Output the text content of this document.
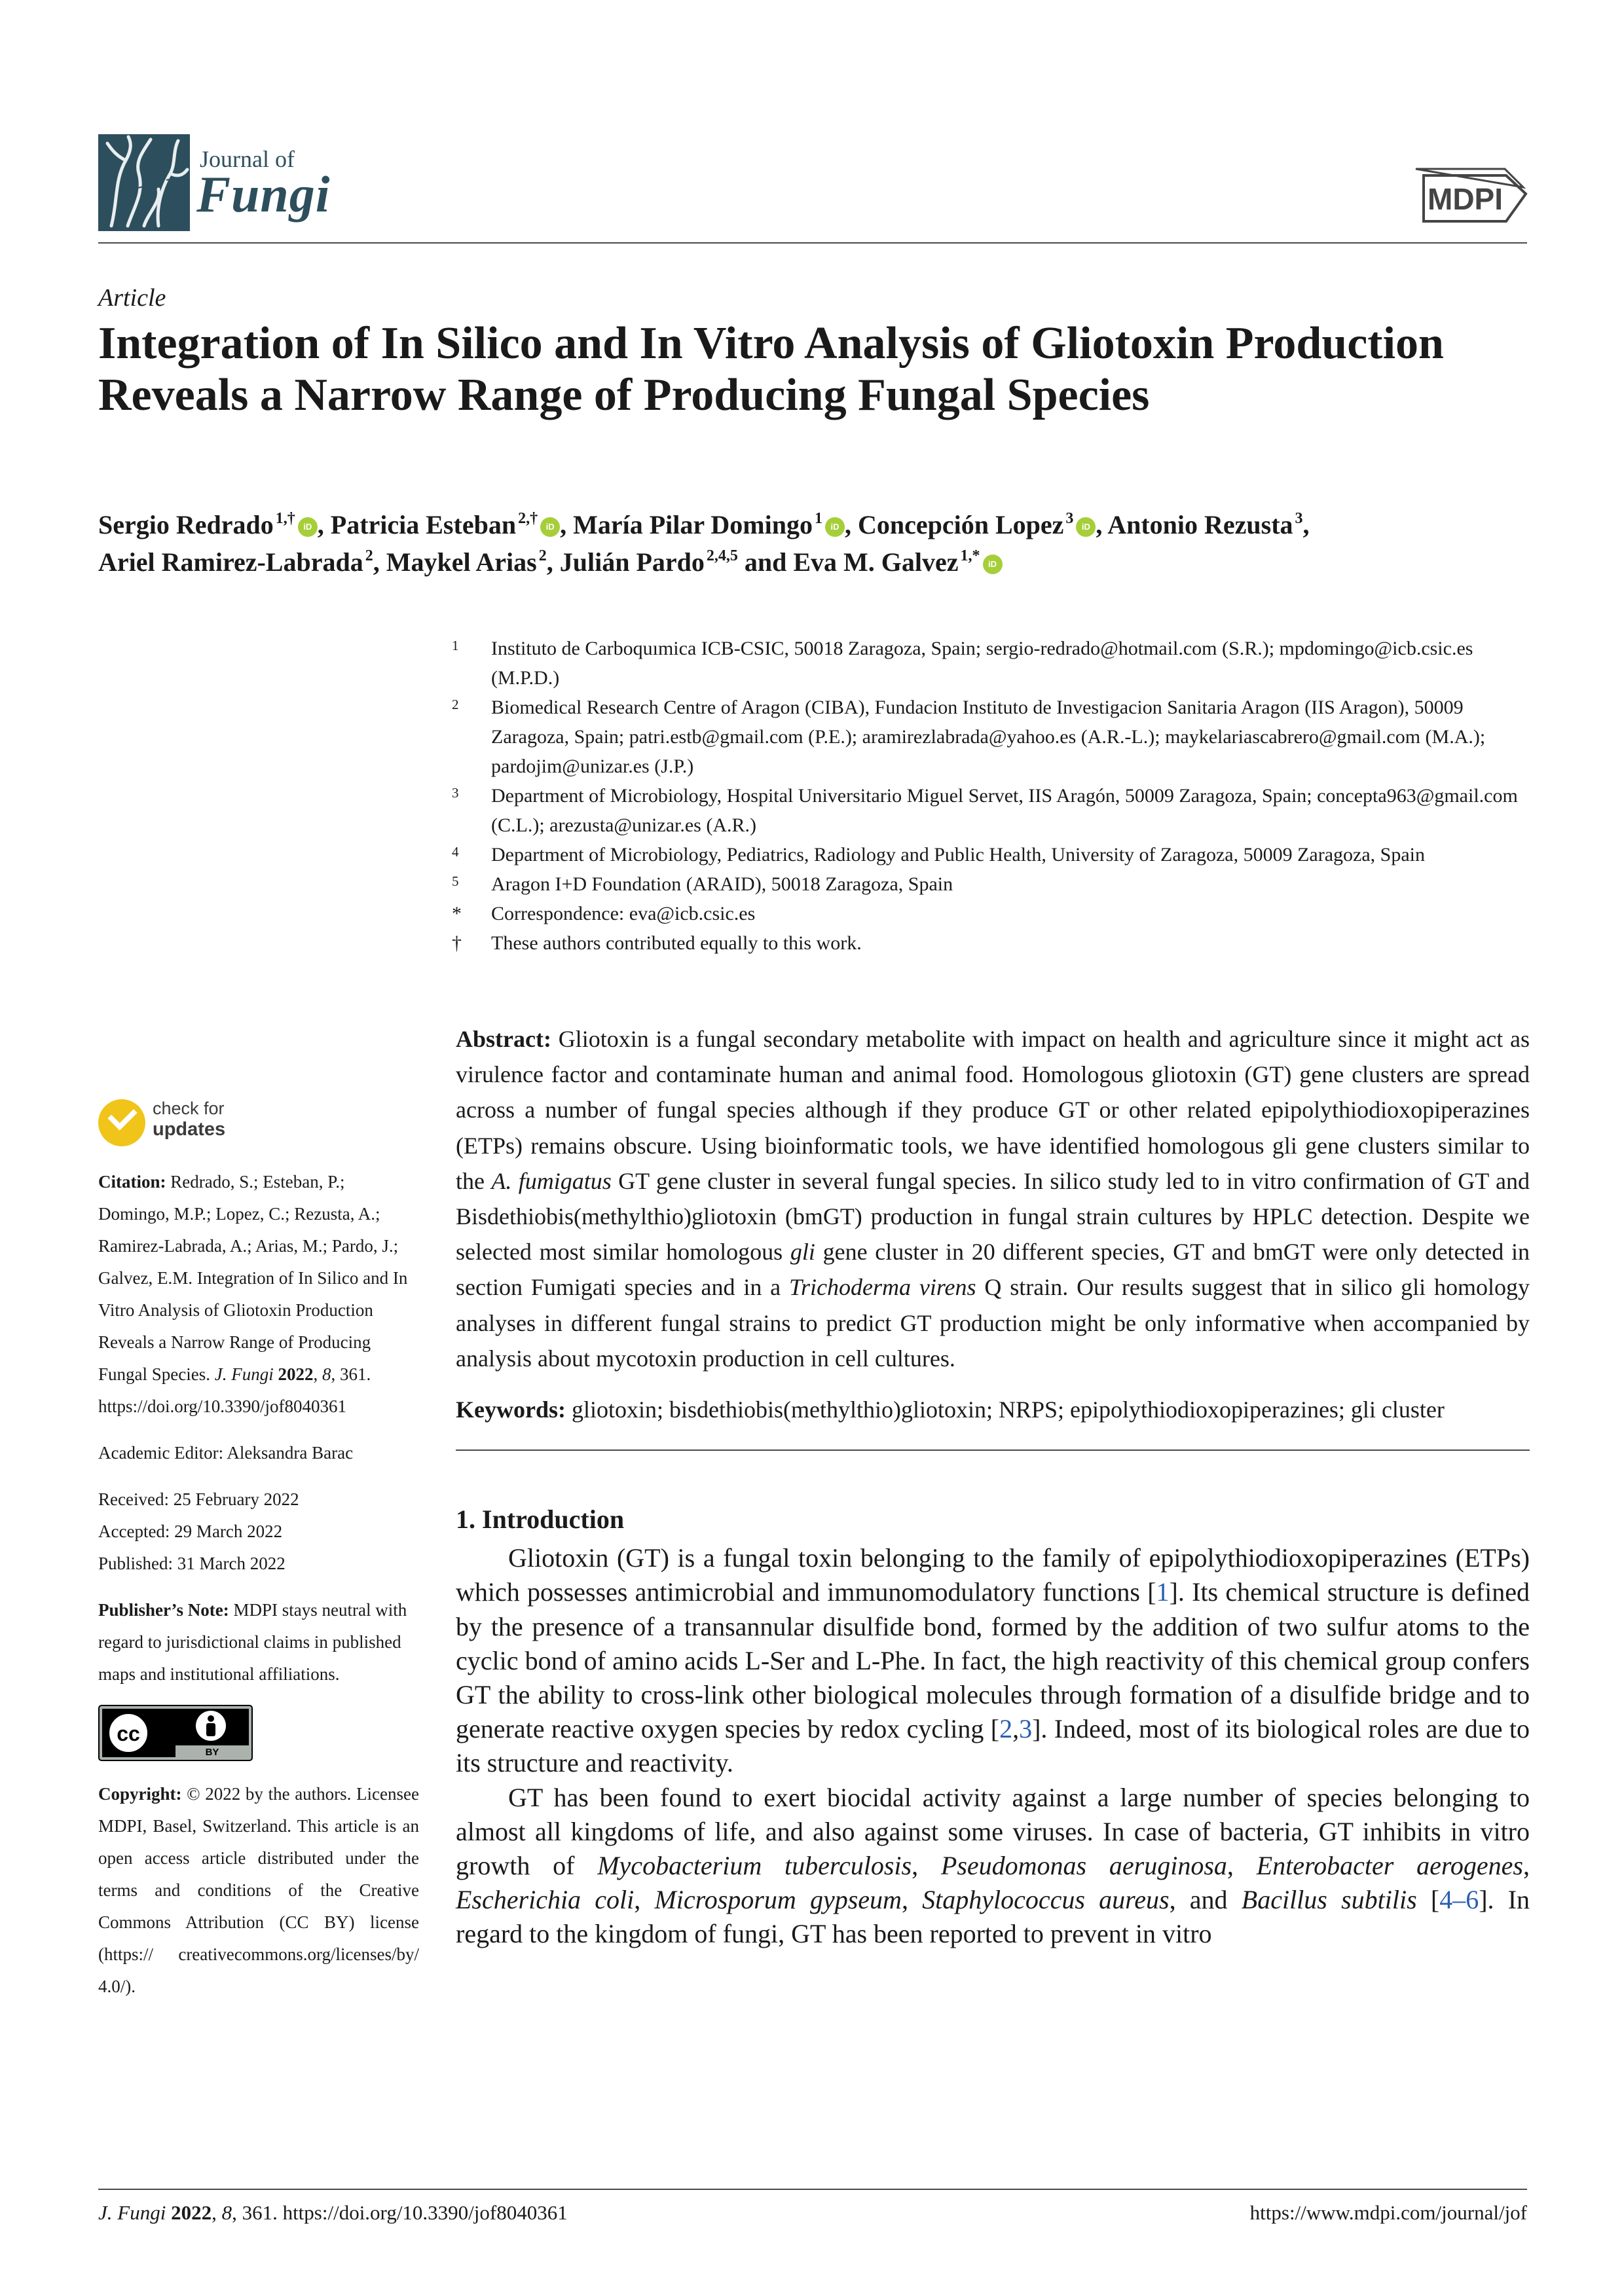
Journal of
Fungi	MDPI
Article
Integration of In Silico and In Vitro Analysis of Gliotoxin Production Reveals a Narrow Range of Producing Fungal Species
Sergio Redrado $^{1,\dagger}$ iD , Patricia Esteban $^{2,\dagger}$ iD , María Pilar Domingo $^1$ iD , Concepción Lopez $^3$ iD , Antonio Rezusta $^3$,
Ariel Ramirez-Labrada $^2$, Maykel Arias $^2$, Julián Pardo $^{2,4,5}$ and Eva M. Galvez $^{1,*}$ iD
1 Instituto de Carboquımica ICB-CSIC, 50018 Zaragoza, Spain; sergio-redrado@hotmail.com (S.R.); mpdomingo@icb.csic.es (M.P.D.)
2 Biomedical Research Centre of Aragon (CIBA), Fundacion Instituto de Investigacion Sanitaria Aragon (IIS Aragon), 50009 Zaragoza, Spain; patri.estb@gmail.com (P.E.); aramirezlabrada@yahoo.es (A.R.-L.); maykelariascabrero@gmail.com (M.A.); pardojim@unizar.es (J.P.)
3 Department of Microbiology, Hospital Universitario Miguel Servet, IIS Aragón, 50009 Zaragoza, Spain; concepta963@gmail.com (C.L.); arezusta@unizar.es (A.R.)
4 Department of Microbiology, Pediatrics, Radiology and Public Health, University of Zaragoza, 50009 Zaragoza, Spain
5 Aragon I+D Foundation (ARAID), 50018 Zaragoza, Spain
* Correspondence: eva@icb.csic.es
† These authors contributed equally to this work.
check for
updates
Citation: Redrado, S.; Esteban, P.; Domingo, M.P.; Lopez, C.; Rezusta, A.; Ramirez-Labrada, A.; Arias, M.; Pardo, J.; Galvez, E.M. Integration of In Silico and In Vitro Analysis of Gliotoxin Production Reveals a Narrow Range of Producing Fungal Species. J. Fungi 2022, 8, 361. https://doi.org/10.3390/jof8040361
Academic Editor: Aleksandra Barac
Received: 25 February 2022
Accepted: 29 March 2022
Published: 31 March 2022
Publisher’s Note: MDPI stays neutral with regard to jurisdictional claims in published maps and institutional affiliations.
cc
BY
Copyright: © 2022 by the authors. Licensee MDPI, Basel, Switzerland. This article is an open access article distributed under the terms and conditions of the Creative Commons Attribution (CC BY) license (https:// creativecommons.org/licenses/by/ 4.0/).
Abstract: Gliotoxin is a fungal secondary metabolite with impact on health and agriculture since it might act as virulence factor and contaminate human and animal food. Homologous gliotoxin (GT) gene clusters are spread across a number of fungal species although if they produce GT or other related epipolythiodioxopiperazines (ETPs) remains obscure. Using bioinformatic tools, we have identified homologous gli gene clusters similar to the A. fumigatus GT gene cluster in several fungal species. In silico study led to in vitro confirmation of GT and Bisdethiobis(methylthio)gliotoxin (bmGT) production in fungal strain cultures by HPLC detection. Despite we selected most similar homologous gli gene cluster in 20 different species, GT and bmGT were only detected in section Fumigati species and in a Trichoderma virens Q strain. Our results suggest that in silico gli homology analyses in different fungal strains to predict GT production might be only informative when accompanied by analysis about mycotoxin production in cell cultures.
Keywords: gliotoxin; bisdethiobis(methylthio)gliotoxin; NRPS; epipolythiodioxopiperazines; gli cluster
1. Introduction
Gliotoxin (GT) is a fungal toxin belonging to the family of epipolythiodioxopiperazines (ETPs) which possesses antimicrobial and immunomodulatory functions [1]. Its chemical structure is defined by the presence of a transannular disulfide bond, formed by the addition of two sulfur atoms to the cyclic bond of amino acids L-Ser and L-Phe. In fact, the high reactivity of this chemical group confers GT the ability to cross-link other biological molecules through formation of a disulfide bridge and to generate reactive oxygen species by redox cycling [2,3]. Indeed, most of its biological roles are due to its structure and reactivity.
GT has been found to exert biocidal activity against a large number of species belonging to almost all kingdoms of life, and also against some viruses. In case of bacteria, GT inhibits in vitro growth of Mycobacterium tuberculosis, Pseudomonas aeruginosa, Enterobacter aerogenes, Escherichia coli, Microsporum gypseum, Staphylococcus aureus, and Bacillus subtilis [4–6]. In regard to the kingdom of fungi, GT has been reported to prevent in vitro
J. Fungi 2022, 8, 361. https://doi.org/10.3390/jof8040361	https://www.mdpi.com/journal/jof
